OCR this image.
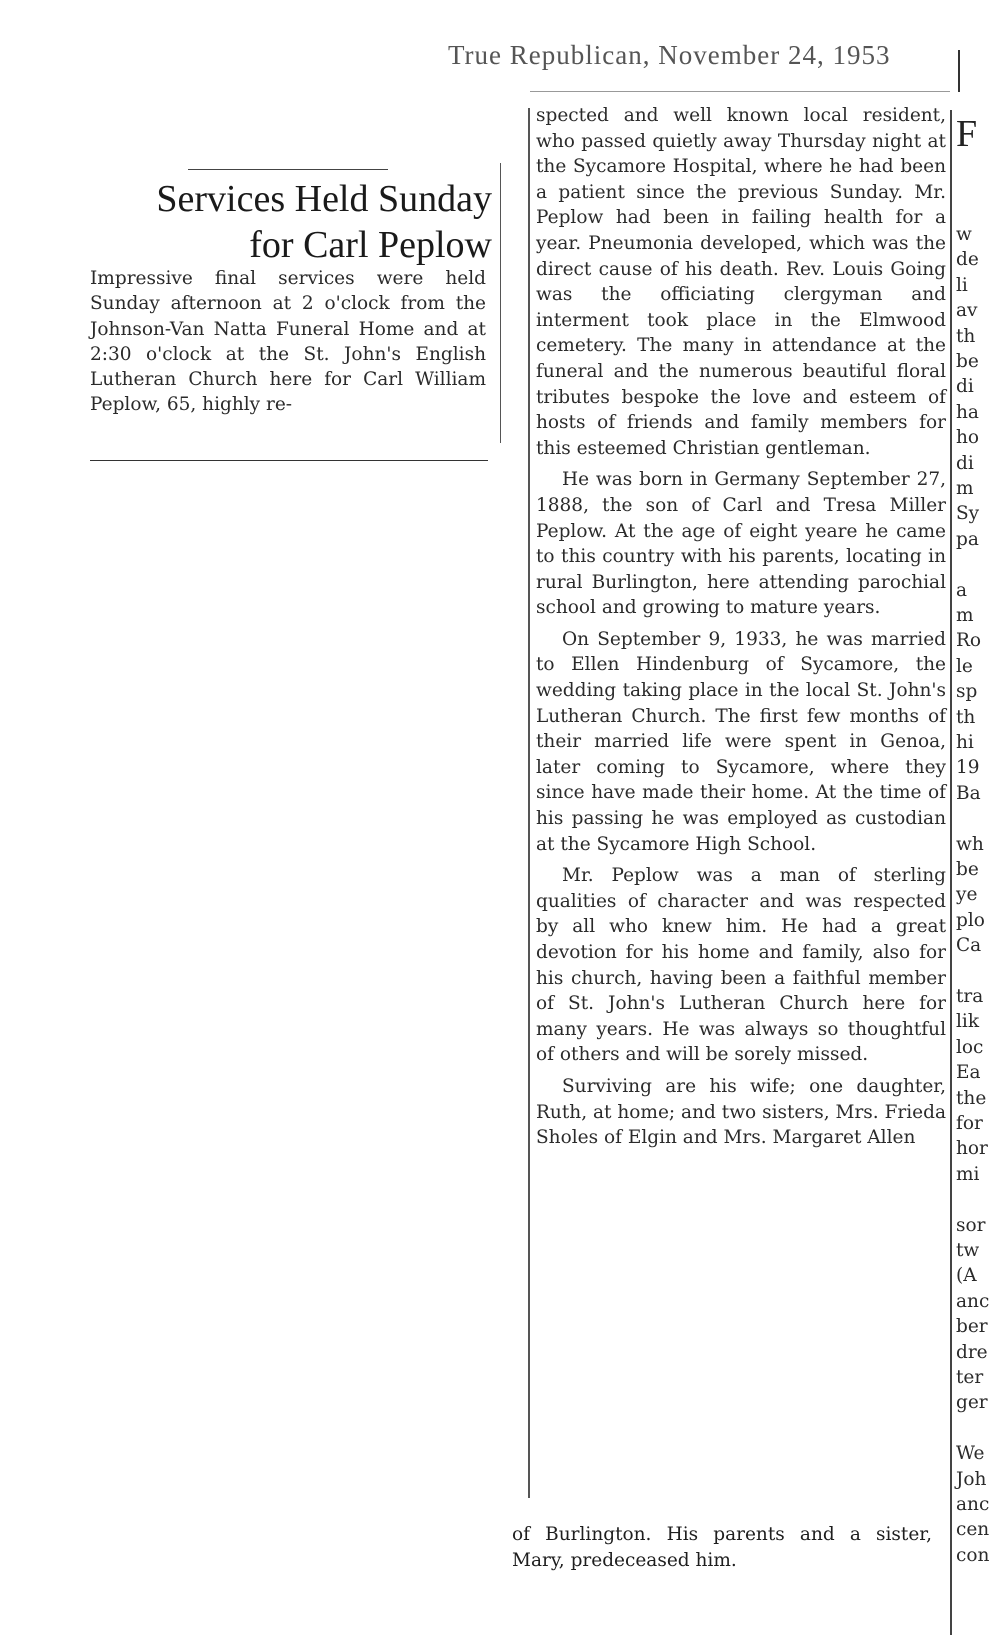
True Republican, November 24, 1953
Services Held Sunday
for Carl Peplow

Impressive final services were held Sunday afternoon at 2 o'clock from the Johnson-Van Natta Funeral Home and at 2:30 o'clock at the St. John's English Lutheran Church here for Carl William Peplow, 65, highly re-

spected and well known local resident, who passed quietly away Thursday night at the Sycamore Hospital, where he had been a patient since the previous Sunday. Mr. Peplow had been in failing health for a year. Pneumonia developed, which was the direct cause of his death. Rev. Louis Going was the officiating clergyman and interment took place in the Elmwood cemetery. The many in attendance at the funeral and the numerous beautiful floral tributes bespoke the love and esteem of hosts of friends and family members for this esteemed Christian gentleman.

He was born in Germany September 27, 1888, the son of Carl and Tresa Miller Peplow. At the age of eight yeare he came to this country with his parents, locating in rural Burlington, here attending parochial school and growing to mature years.

On September 9, 1933, he was married to Ellen Hindenburg of Sycamore, the wedding taking place in the local St. John's Lutheran Church. The first few months of their married life were spent in Genoa, later coming to Sycamore, where they since have made their home. At the time of his passing he was employed as custodian at the Sycamore High School.

Mr. Peplow was a man of sterling qualities of character and was respected by all who knew him. He had a great devotion for his home and family, also for his church, having been a faithful member of St. John's Lutheran Church here for many years. He was always so thoughtful of others and will be sorely missed.

Surviving are his wife; one daughter, Ruth, at home; and two sisters, Mrs. Frieda Sholes of Elgin and Mrs. Margaret Allen

of Burlington. His parents and a sister, Mary, predeceased him.

F
w
de
li
av
th
be
di
ha
ho
di
m
Sy
pa
a
m
Ro
le
sp
th
hi
19
Ba
wh
be
ye
plo
Ca
tra
lik
loc
Ea
the
for
hor
mi
sor
tw
(A
anc
ber
dre
ter
ger
We
Joh
anc
cen
con
